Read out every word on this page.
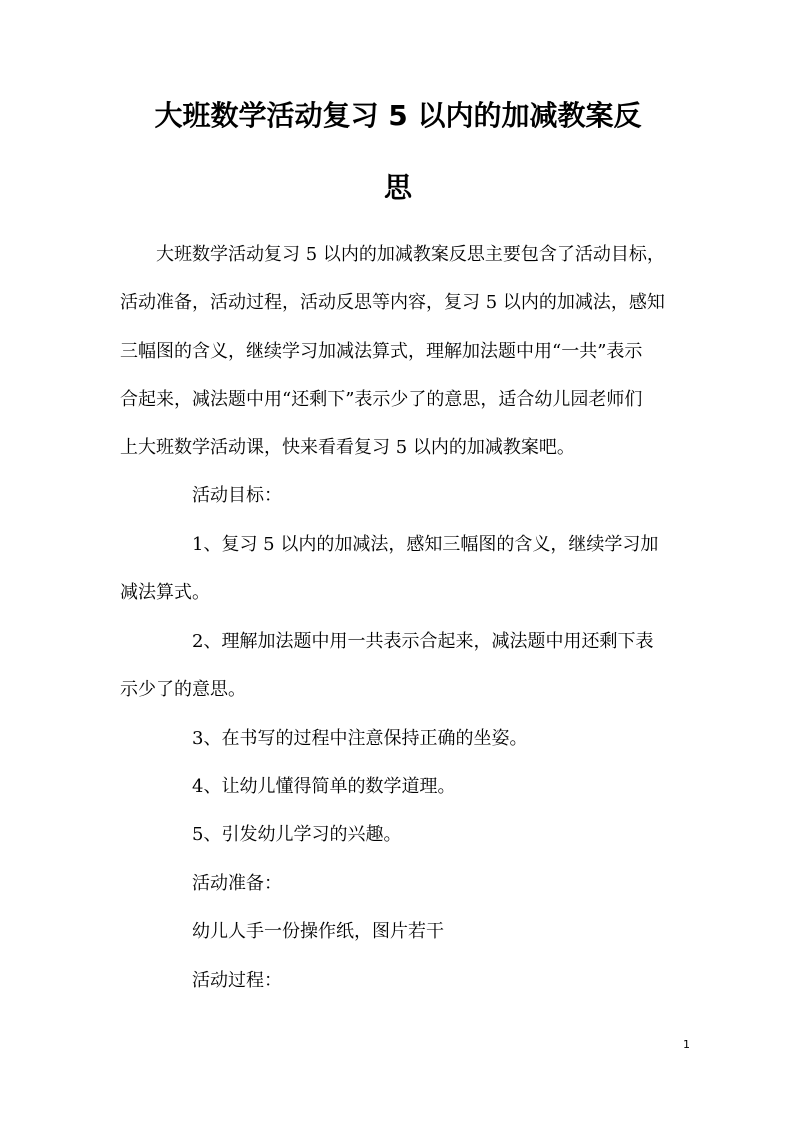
大班数学活动复习 5 以内的加减教案反
思
　　大班数学活动复习 5 以内的加减教案反思主要包含了活动目标，
活动准备，活动过程，活动反思等内容，复习 5 以内的加减法，感知
三幅图的含义，继续学习加减法算式，理解加法题中用“一共”表示
合起来，减法题中用“还剩下”表示少了的意思，适合幼儿园老师们
上大班数学活动课，快来看看复习 5 以内的加减教案吧。
活动目标：
1、复习 5 以内的加减法，感知三幅图的含义，继续学习加
减法算式。
2、理解加法题中用一共表示合起来，减法题中用还剩下表
示少了的意思。
3、在书写的过程中注意保持正确的坐姿。
4、让幼儿懂得简单的数学道理。
5、引发幼儿学习的兴趣。
活动准备：
幼儿人手一份操作纸，图片若干
活动过程：
1
